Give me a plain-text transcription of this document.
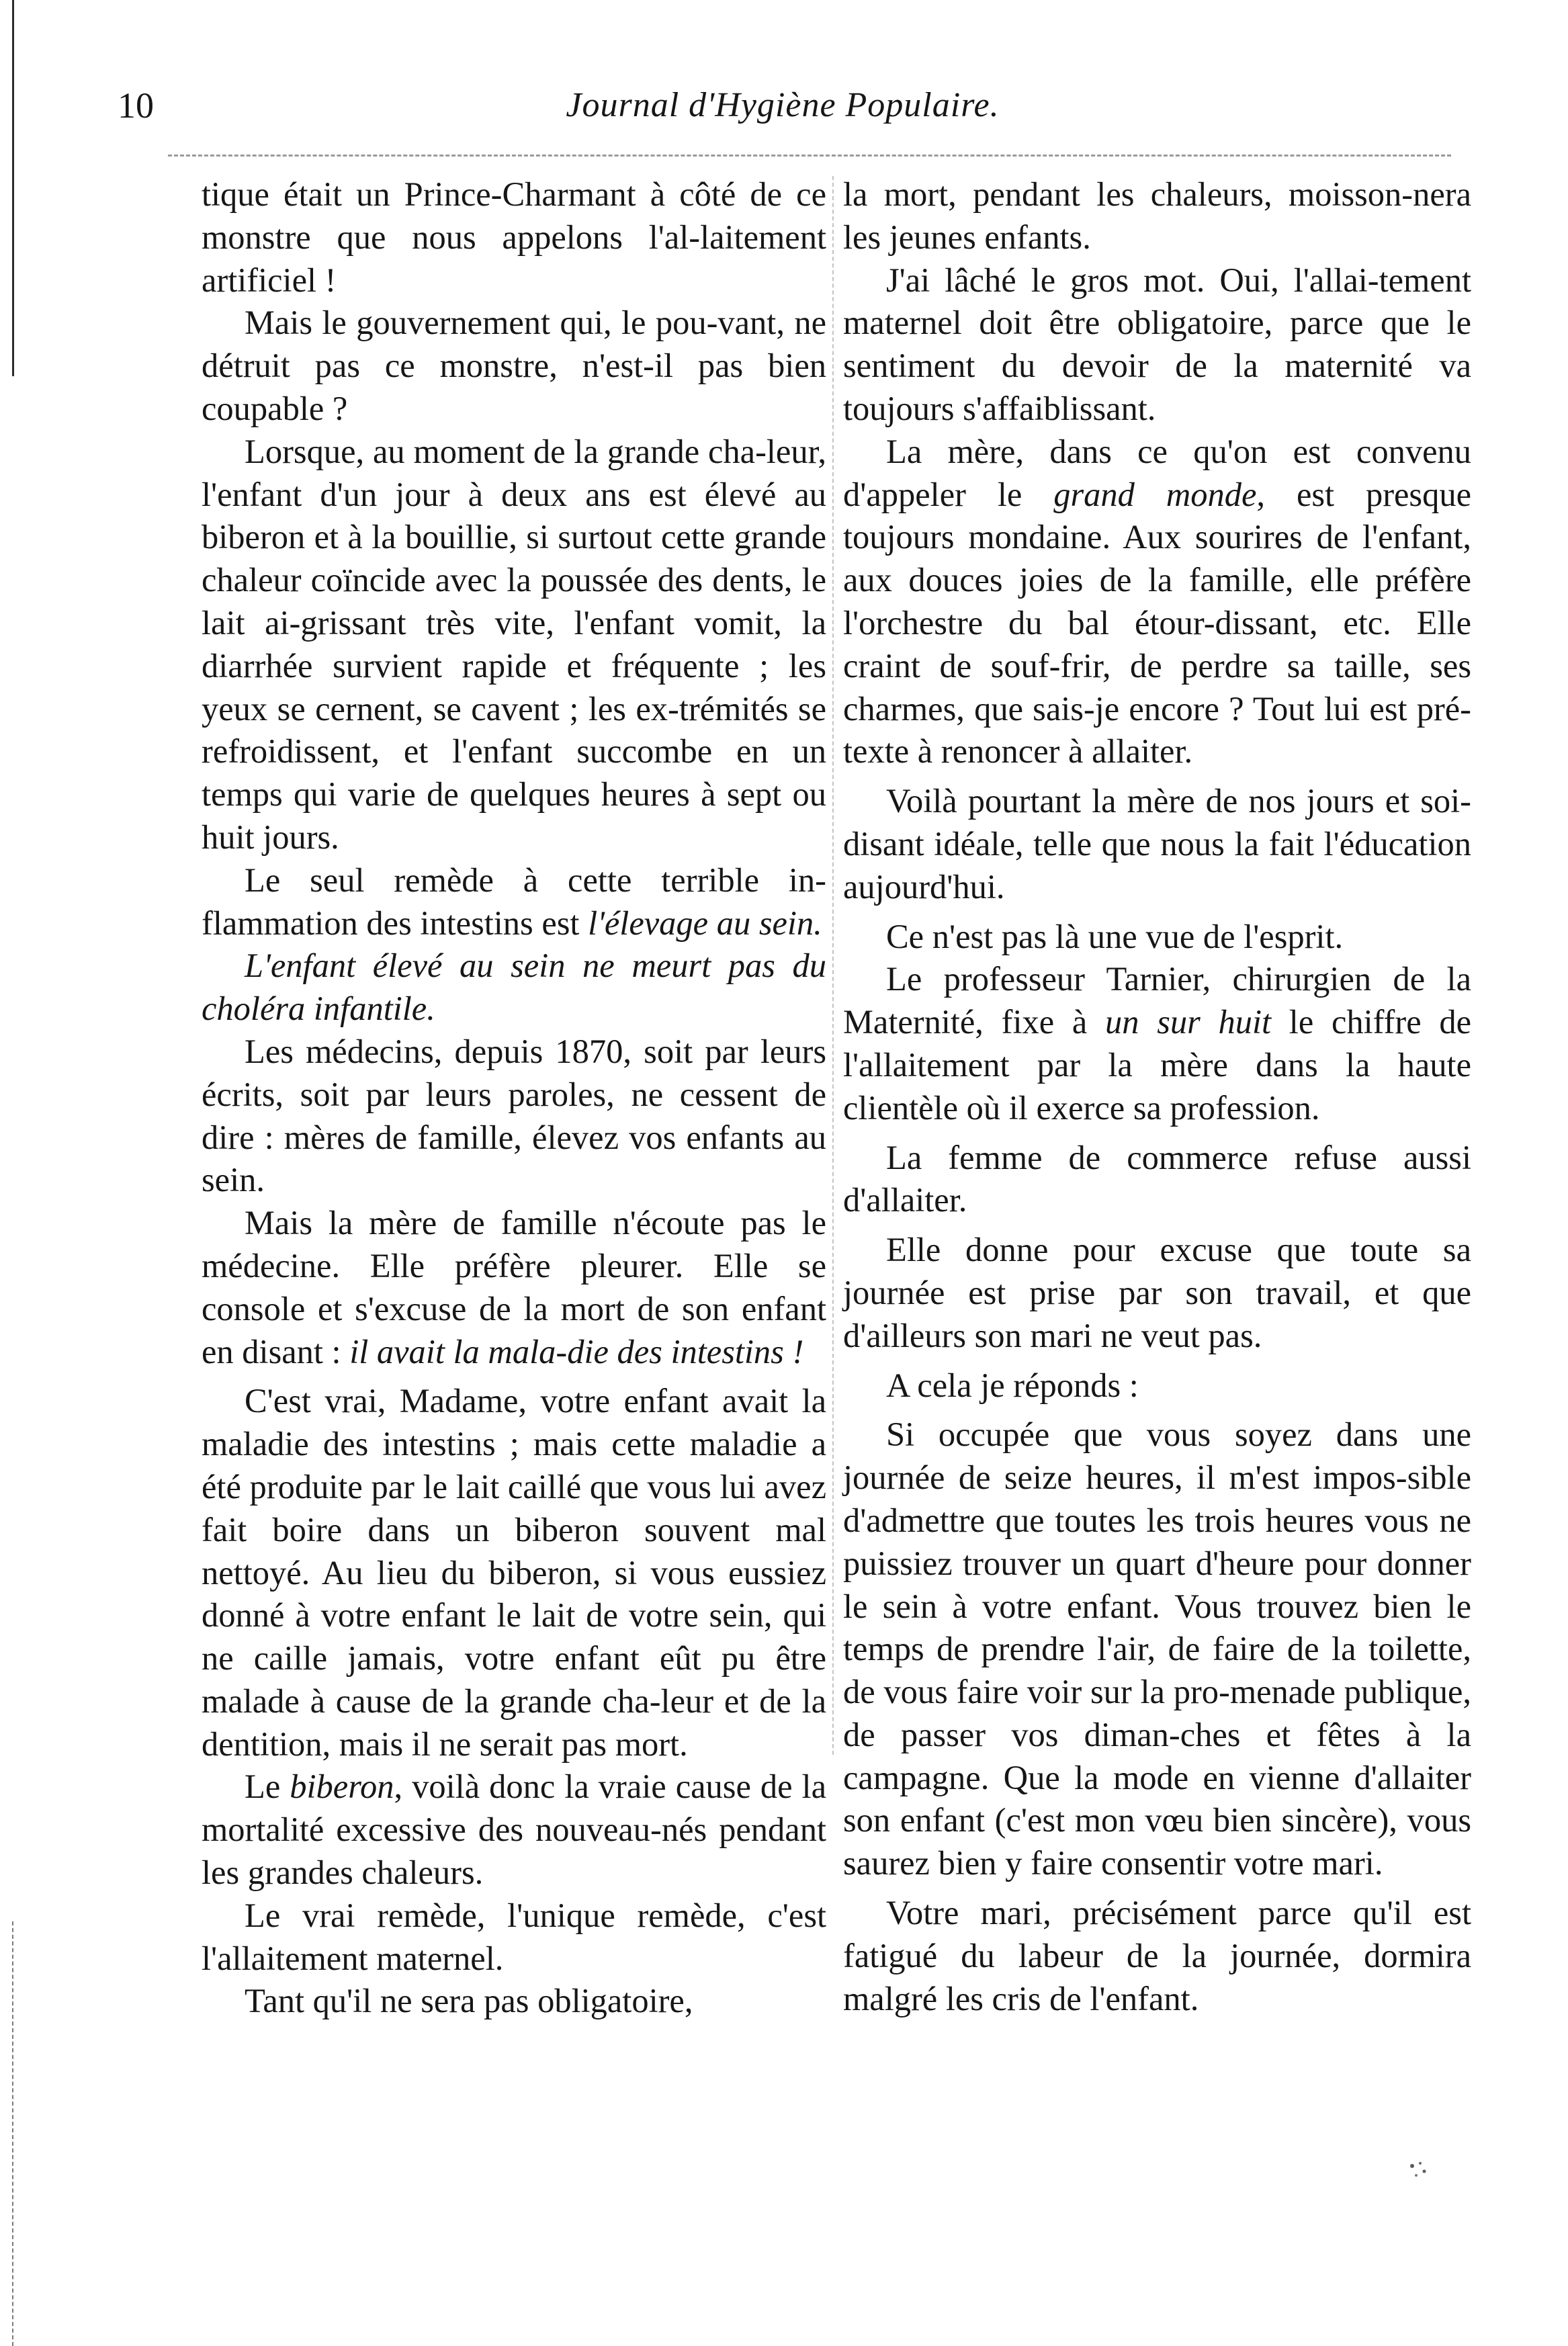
10	Journal d'Hygiène Populaire.

tique était un Prince-Charmant à côté de ce monstre que nous appelons l'al-laitement artificiel !

Mais le gouvernement qui, le pou-vant, ne détruit pas ce monstre, n'est-il pas bien coupable ?

Lorsque, au moment de la grande cha-leur, l'enfant d'un jour à deux ans est élevé au biberon et à la bouillie, si surtout cette grande chaleur coïncide avec la poussée des dents, le lait ai-grissant très vite, l'enfant vomit, la diarrhée survient rapide et fréquente ; les yeux se cernent, se cavent ; les ex-trémités se refroidissent, et l'enfant succombe en un temps qui varie de quelques heures à sept ou huit jours.

Le seul remède à cette terrible in-flammation des intestins est l'élevage au sein.

L'enfant élevé au sein ne meurt pas du choléra infantile.

Les médecins, depuis 1870, soit par leurs écrits, soit par leurs paroles, ne cessent de dire : mères de famille, élevez vos enfants au sein.

Mais la mère de famille n'écoute pas le médecine. Elle préfère pleurer. Elle se console et s'excuse de la mort de son enfant en disant : il avait la mala-die des intestins !

C'est vrai, Madame, votre enfant avait la maladie des intestins ; mais cette maladie a été produite par le lait caillé que vous lui avez fait boire dans un biberon souvent mal nettoyé. Au lieu du biberon, si vous eussiez donné à votre enfant le lait de votre sein, qui ne caille jamais, votre enfant eût pu être malade à cause de la grande cha-leur et de la dentition, mais il ne serait pas mort.

Le biberon, voilà donc la vraie cause de la mortalité excessive des nouveau-nés pendant les grandes chaleurs.

Le vrai remède, l'unique remède, c'est l'allaitement maternel.

Tant qu'il ne sera pas obligatoire,

la mort, pendant les chaleurs, moisson-nera les jeunes enfants.

J'ai lâché le gros mot. Oui, l'allai-tement maternel doit être obligatoire, parce que le sentiment du devoir de la maternité va toujours s'affaiblissant.

La mère, dans ce qu'on est convenu d'appeler le grand monde, est presque toujours mondaine. Aux sourires de l'enfant, aux douces joies de la famille, elle préfère l'orchestre du bal étour-dissant, etc. Elle craint de souf-frir, de perdre sa taille, ses charmes, que sais-je encore ? Tout lui est pré-texte à renoncer à allaiter.

Voilà pourtant la mère de nos jours et soi-disant idéale, telle que nous la fait l'éducation aujourd'hui.

Ce n'est pas là une vue de l'esprit.

Le professeur Tarnier, chirurgien de la Maternité, fixe à un sur huit le chiffre de l'allaitement par la mère dans la haute clientèle où il exerce sa profession.

La femme de commerce refuse aussi d'allaiter.

Elle donne pour excuse que toute sa journée est prise par son travail, et que d'ailleurs son mari ne veut pas.

A cela je réponds :

Si occupée que vous soyez dans une journée de seize heures, il m'est impos-sible d'admettre que toutes les trois heures vous ne puissiez trouver un quart d'heure pour donner le sein à votre enfant. Vous trouvez bien le temps de prendre l'air, de faire de la toilette, de vous faire voir sur la pro-menade publique, de passer vos diman-ches et fêtes à la campagne. Que la mode en vienne d'allaiter son enfant (c'est mon vœu bien sincère), vous saurez bien y faire consentir votre mari.

Votre mari, précisément parce qu'il est fatigué du labeur de la journée, dormira malgré les cris de l'enfant.
